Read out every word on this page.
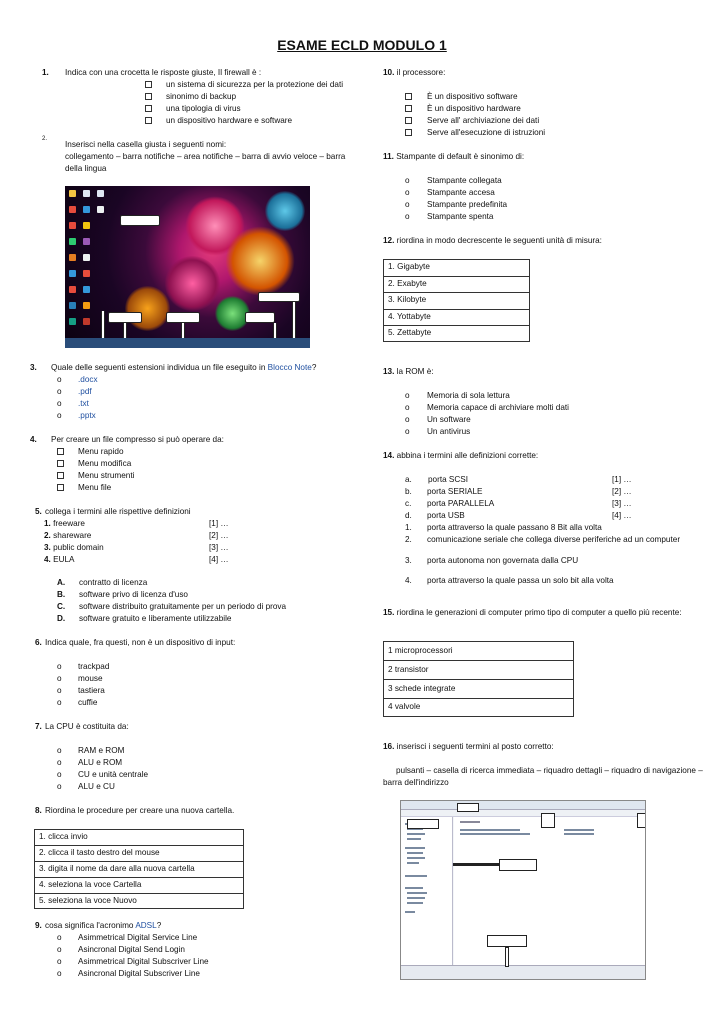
ESAME ECLD MODULO 1
1. Indica con una crocetta le risposte giuste, Il firewall è :
un sistema di sicurezza per la protezione dei dati
sinonimo di backup
una tipologia di virus
un dispositivo hardware e software
2.
Inserisci nella casella giusta i seguenti nomi:
collegamento – barra notifiche – area notifiche – barra di avvio veloce – barra
della lingua
3. Quale delle seguenti estensioni individua un file eseguito in Blocco Note?
o .docx
o .pdf
o .txt
o .pptx
4. Per creare un file compresso si può operare da:
Menu rapido
Menu modifica
Menu strumenti
Menu file
5. collega i termini alle rispettive definizioni
1. freeware	[1] …
2. shareware	[2] …
3. public domain	[3] …
4. EULA	[4] …
A. contratto di licenza
B. software privo di licenza d'uso
C. software distribuito gratuitamente per un periodo di prova
D. software gratuito e liberamente utilizzabile
6. Indica quale, fra questi, non è un dispositivo di input:
o trackpad
o mouse
o tastiera
o cuffie
7. La CPU è costituita da:
o RAM e ROM
o ALU e ROM
o CU e unità centrale
o ALU e CU
8. Riordina le procedure per creare una nuova cartella.
1. clicca invio
2. clicca il tasto destro del mouse
3. digita il nome da dare alla nuova cartella
4. seleziona la voce Cartella
5. seleziona la voce Nuovo
9. cosa significa l'acronimo ADSL?
o Asimmetrical Digital Service Line
o Asincronal Digital Send Login
o Asimmetrical Digital Subscriver Line
o Asincronal Digital Subscriver Line
10. il processore:
È un dispositivo software
È un dispositivo hardware
Serve all' archiviazione dei dati
Serve all'esecuzione di istruzioni
11. Stampante di default è sinonimo di:
o Stampante collegata
o Stampante accesa
o Stampante predefinita
o Stampante spenta
12. riordina in modo decrescente le seguenti unità di misura:
1. Gigabyte
2. Exabyte
3. Kilobyte
4. Yottabyte
5. Zettabyte
13. la ROM è:
o Memoria di sola lettura
o Memoria capace di archiviare molti dati
o Un software
o Un antivirus
14. abbina i termini alle definizioni corrette:
a. porta SCSI	[1] …
b. porta SERIALE	[2] …
c. porta PARALLELA	[3] …
d. porta USB	[4] …
1. porta attraverso la quale passano 8 Bit alla volta
2. comunicazione seriale che collega diverse periferiche ad un computer
3. porta autonoma non governata dalla CPU
4. porta attraverso la quale passa un solo bit alla volta
15. riordina le generazioni di computer primo tipo di computer a quello più recente:
1 microprocessori
2 transistor
3 schede integrate
4 valvole
16. inserisci i seguenti termini al posto corretto:
pulsanti – casella di ricerca immediata – riquadro dettagli – riquadro di navigazione –
barra dell'indirizzo
